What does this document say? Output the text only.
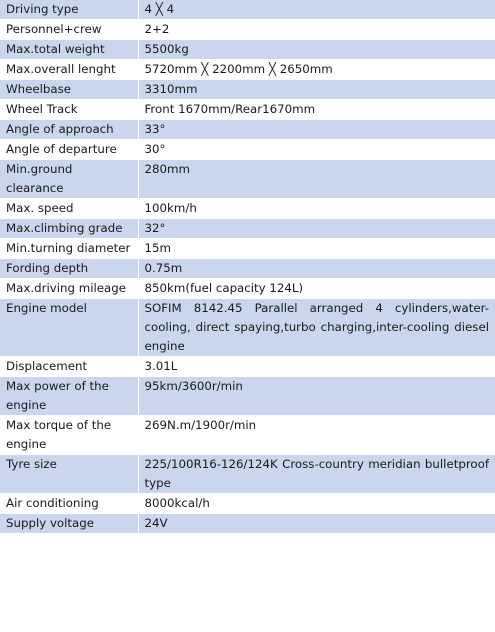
Driving type	4 ╳ 4
Personnel+crew	2+2
Max.total weight	5500kg
Max.overall lenght	5720mm ╳ 2200mm ╳ 2650mm
Wheelbase	3310mm
Wheel Track	Front 1670mm/Rear1670mm
Angle of approach	33°
Angle of departure	30°
Min.ground clearance	280mm
Max. speed	100km/h
Max.climbing grade	32°
Min.turning diameter	15m
Fording depth	0.75m
Max.driving mileage	850km(fuel capacity 124L)
Engine model	SOFIM 8142.45 Parallel arranged 4 cylinders,water-cooling, direct spaying,turbo charging,inter-cooling diesel engine
Displacement	3.01L
Max power of the engine	95km/3600r/min
Max torque of the engine	269N.m/1900r/min
Tyre size	225/100R16-126/124K Cross-country meridian bulletproof type
Air conditioning	8000kcal/h
Supply voltage	24V
